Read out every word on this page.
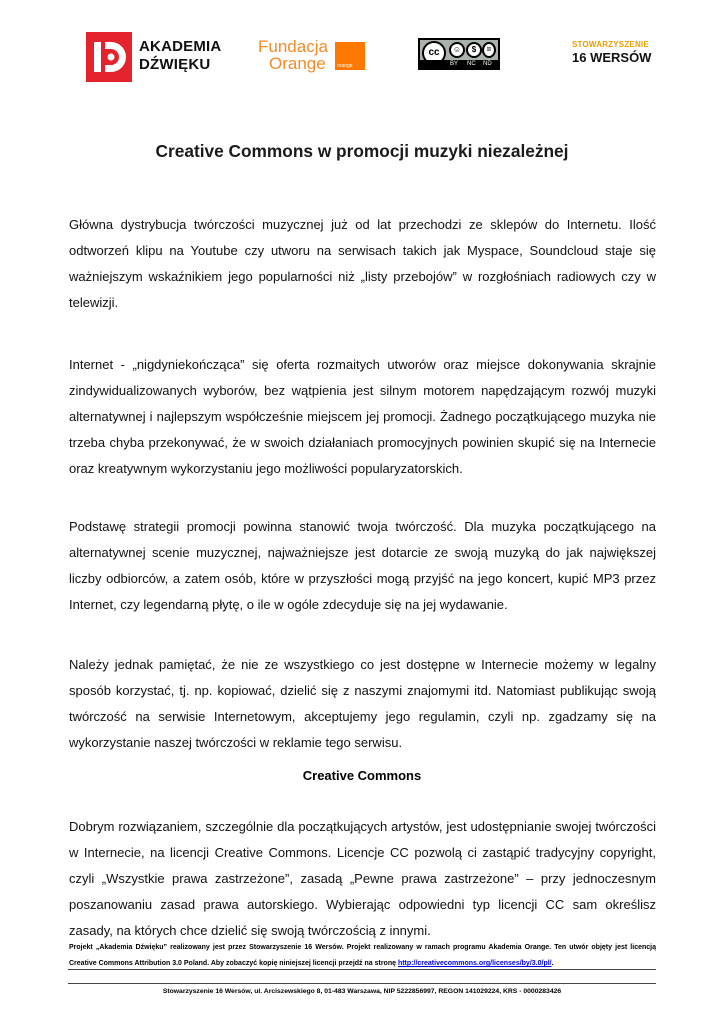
AKADEMIA
DŹWIĘKU
Fundacja
Orange	orange
cc	☺	$	=
BY NC ND
STOWARZYSZENIE
16 WERSÓW
Creative Commons w promocji muzyki niezależnej

Główna dystrybucja twórczości muzycznej już od lat przechodzi ze sklepów do Internetu. Ilość odtworzeń klipu na Youtube czy utworu na serwisach takich jak Myspace, Soundcloud staje się ważniejszym wskaźnikiem jego popularności niż „listy przebojów” w rozgłośniach radiowych czy w telewizji.

Internet - „nigdyniekończąca” się oferta rozmaitych utworów oraz miejsce dokonywania skrajnie zindywidualizowanych wyborów, bez wątpienia jest silnym motorem napędzającym rozwój muzyki alternatywnej i najlepszym współcześnie miejscem jej promocji. Żadnego początkującego muzyka nie trzeba chyba przekonywać, że w swoich działaniach promocyjnych powinien skupić się na Internecie oraz kreatywnym wykorzystaniu jego możliwości popularyzatorskich.

Podstawę strategii promocji powinna stanowić twoja twórczość. Dla muzyka początkującego na alternatywnej scenie muzycznej, najważniejsze jest dotarcie ze swoją muzyką do jak największej liczby odbiorców, a zatem osób, które w przyszłości mogą przyjść na jego koncert, kupić MP3 przez Internet, czy legendarną płytę, o ile w ogóle zdecyduje się na jej wydawanie.

Należy jednak pamiętać, że nie ze wszystkiego co jest dostępne w Internecie możemy w legalny sposób korzystać, tj. np. kopiować, dzielić się z naszymi znajomymi itd. Natomiast publikując swoją twórczość na serwisie Internetowym, akceptujemy jego regulamin, czyli np. zgadzamy się na wykorzystanie naszej twórczości w reklamie tego serwisu.

Creative Commons

Dobrym rozwiązaniem, szczególnie dla początkujących artystów, jest udostępnianie swojej twórczości w Internecie, na licencji Creative Commons. Licencje CC pozwolą ci zastąpić tradycyjny copyright, czyli „Wszystkie prawa zastrzeżone”, zasadą „Pewne prawa zastrzeżone” – przy jednoczesnym poszanowaniu zasad prawa autorskiego. Wybierając odpowiedni typ licencji CC sam określisz zasady, na których chce dzielić się swoją twórczością z innymi.

Projekt „Akademia Dźwięku” realizowany jest przez Stowarzyszenie 16 Wersów. Projekt realizowany w ramach programu Akademia Orange. Ten utwór objęty jest licencją Creative Commons Attribution 3.0 Poland. Aby zobaczyć kopię niniejszej licencji przejdź na stronę http://creativecommons.org/licenses/by/3.0/pl/.

Stowarzyszenie 16 Wersów, ul. Arciszewskiego 8, 01-483 Warszawa, NIP 5222856997, REGON 141029224, KRS - 0000283426
